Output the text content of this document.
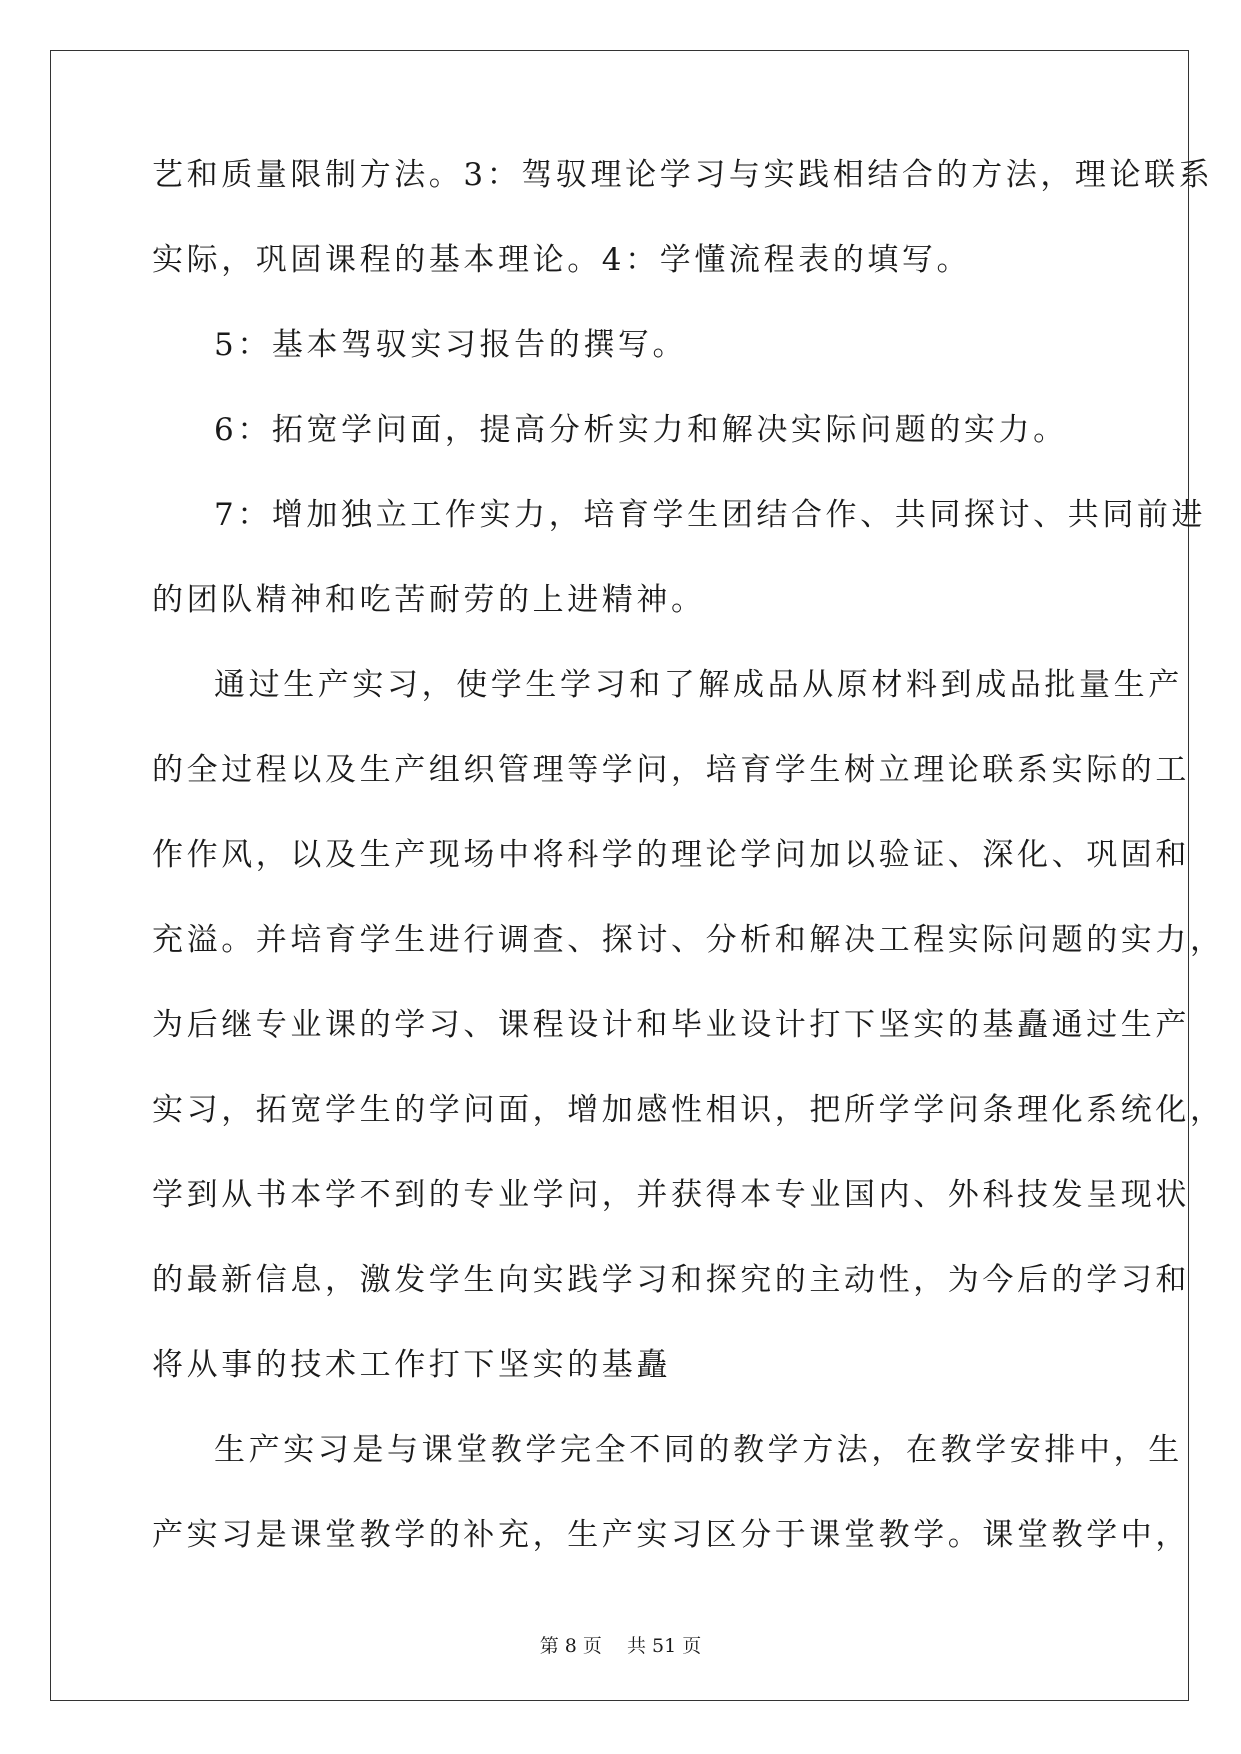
艺和质量限制方法。3：驾驭理论学习与实践相结合的方法，理论联系
实际，巩固课程的基本理论。4：学懂流程表的填写。
5：基本驾驭实习报告的撰写。
6：拓宽学问面，提高分析实力和解决实际问题的实力。
7：增加独立工作实力，培育学生团结合作、共同探讨、共同前进
的团队精神和吃苦耐劳的上进精神。
通过生产实习，使学生学习和了解成品从原材料到成品批量生产
的全过程以及生产组织管理等学问，培育学生树立理论联系实际的工
作作风，以及生产现场中将科学的理论学问加以验证、深化、巩固和
充溢。并培育学生进行调查、探讨、分析和解决工程实际问题的实力，
为后继专业课的学习、课程设计和毕业设计打下坚实的基矗通过生产
实习，拓宽学生的学问面，增加感性相识，把所学学问条理化系统化，
学到从书本学不到的专业学问，并获得本专业国内、外科技发呈现状
的最新信息，激发学生向实践学习和探究的主动性，为今后的学习和
将从事的技术工作打下坚实的基矗
生产实习是与课堂教学完全不同的教学方法，在教学安排中，生
产实习是课堂教学的补充，生产实习区分于课堂教学。课堂教学中，
第 8 页　 共 51 页
